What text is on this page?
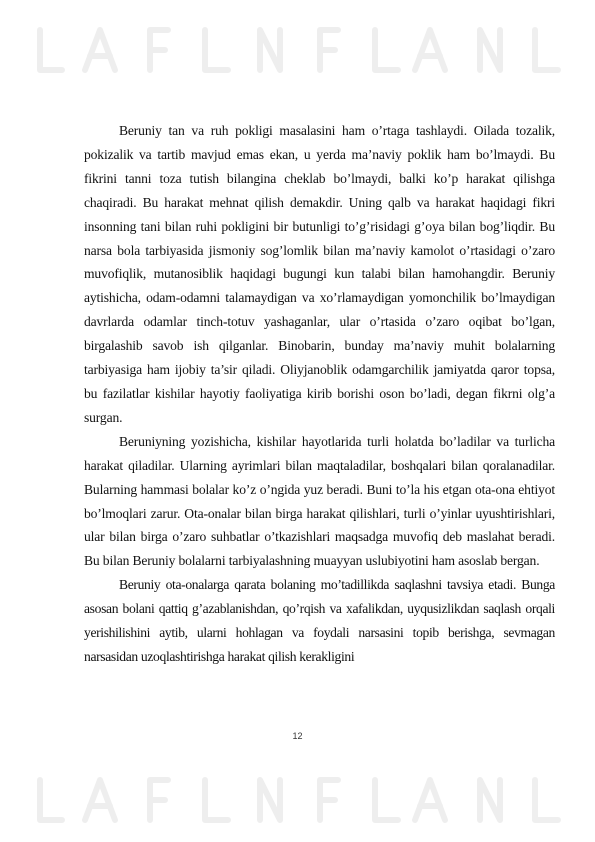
Beruniy tan va ruh pokligi masalasini ham o’rtaga tashlaydi. Oilada tozalik, pokizalik va tartib mavjud emas ekan, u yerda ma’naviy poklik ham bo’lmaydi. Bu fikrini tanni toza tutish bilangina cheklab bo’lmaydi, balki ko’p harakat qilishga chaqiradi. Bu harakat mehnat qilish demakdir. Uning qalb va harakat haqidagi fikri insonning tani bilan ruhi pokligini bir butunligi to’g’risidagi g’oya bilan bog’liqdir. Bu narsa bola tarbiyasida jismoniy sog’lomlik bilan ma’naviy kamolot o’rtasidagi o’zaro muvofiqlik, mutanosiblik haqidagi bugungi kun talabi bilan hamohangdir. Beruniy aytishicha, odam-odamni talamaydigan va xo’rlamaydigan yomonchilik bo’lmaydigan davrlarda odamlar tinch-totuv yashaganlar, ular o’rtasida o’zaro oqibat bo’lgan, birgalashib savob ish qilganlar. Binobarin, bunday ma’naviy muhit bolalarning tarbiyasiga ham ijobiy ta’sir qiladi. Oliyjanoblik odamgarchilik jamiyatda qaror topsa, bu fazilatlar kishilar hayotiy faoliyatiga kirib borishi oson bo’ladi, degan fikrni olg’a surgan.

Beruniyning yozishicha, kishilar hayotlarida turli holatda bo’ladilar va turlicha harakat qiladilar. Ularning ayrimlari bilan maqtaladilar, boshqalari bilan qoralanadilar. Bularning hammasi bolalar ko’z o’ngida yuz beradi. Buni to’la his etgan ota-ona ehtiyot bo’lmoqlari zarur. Ota-onalar bilan birga harakat qilishlari, turli o’yinlar uyushtirishlari, ular bilan birga o’zaro suhbatlar o’tkazishlari maqsadga muvofiq deb maslahat beradi. Bu bilan Beruniy bolalarni tarbiyalashning muayyan uslubiyotini ham asoslab bergan.

Beruniy ota-onalarga qarata bolaning mo’tadillikda saqlashni tavsiya etadi. Bunga asosan bolani qattiq g’azablanishdan, qo’rqish va xafalikdan, uyqusizlikdan saqlash orqali yerishilishini aytib, ularni hohlagan va foydali narsasini topib berishga, sevmagan narsasidan uzoqlashtirishga harakat qilish kerakligini

12
